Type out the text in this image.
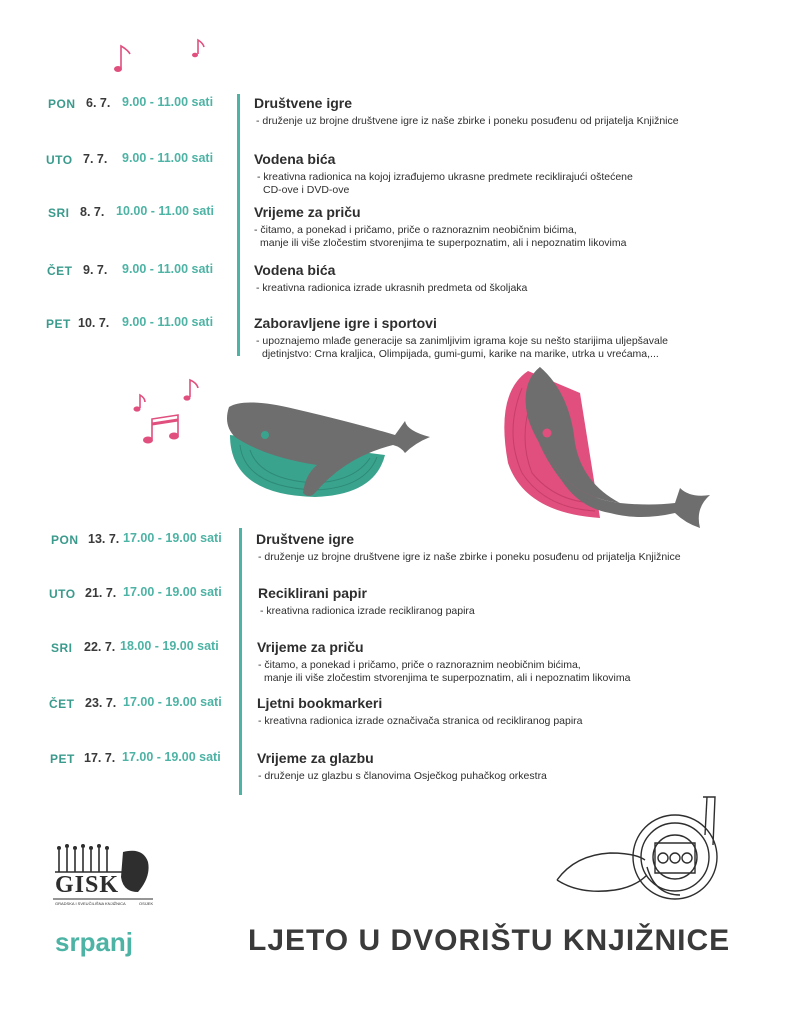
PON 6. 7. 9.00 - 11.00 sati	Društvene igre
- druženje uz brojne društvene igre iz naše zbirke i poneku posuđenu od prijatelja Knjižnice
UTO 7. 7. 9.00 - 11.00 sati	Vodena bića
- kreativna radionica na kojoj izrađujemo ukrasne predmete reciklirajući oštećene
CD-ove i DVD-ove
SRI 8. 7. 10.00 - 11.00 sati	Vrijeme za priču
- čitamo, a ponekad i pričamo, priče o raznoraznim neobičnim bićima,
manje ili više zločestim stvorenjima te superpoznatim, ali i nepoznatim likovima
ČET 9. 7. 9.00 - 11.00 sati	Vodena bića
- kreativna radionica izrade ukrasnih predmeta od školjaka
PET 10. 7. 9.00 - 11.00 sati	Zaboravljene igre i sportovi
- upoznajemo mlađe generacije sa zanimljivim igrama koje su nešto starijima uljepšavale
djetinjstvo: Crna kraljica, Olimpijada, gumi-gumi, karike na marike, utrka u vrećama,...
PON 13. 7. 17.00 - 19.00 sati Društvene igre
- druženje uz brojne društvene igre iz naše zbirke i poneku posuđenu od prijatelja Knjižnice
UTO 21. 7. 17.00 - 19.00 sati	Reciklirani papir
- kreativna radionica izrade recikliranog papira
SRI 22. 7. 18.00 - 19.00 sati	Vrijeme za priču
- čitamo, a ponekad i pričamo, priče o raznoraznim neobičnim bićima,
manje ili više zločestim stvorenjima te superpoznatim, ali i nepoznatim likovima
ČET 23. 7. 17.00 - 19.00 sati	Ljetni bookmarkeri
- kreativna radionica izrade označivača stranica od recikliranog papira
PET 17. 7. 17.00 - 19.00 sati	Vrijeme za glazbu
- druženje uz glazbu s članovima Osječkog puhačkog orkestra
GISK
GRADSKA I SVEUČILIŠNA KNJIŽNICA	OSIJEK
srpanj	LJETO U DVORIŠTU KNJIŽNICE
